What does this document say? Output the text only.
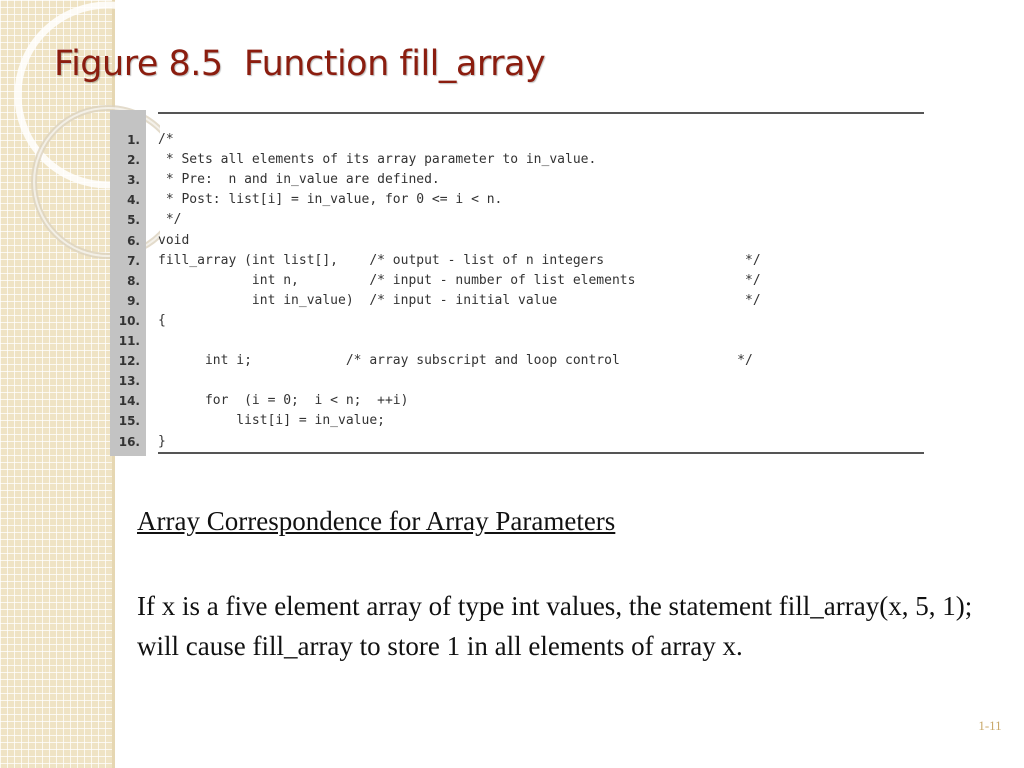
Figure 8.5  Function fill_array
1. /*
2. * Sets all elements of its array parameter to in_value.
3. * Pre:  n and in_value are defined.
4. * Post: list[i] = in_value, for 0 <= i < n.
5. */
6. void
7. fill_array (int list[],    /* output - list of n integers                  */
8. int n,         /* input - number of list elements              */
9. int in_value)  /* input - initial value                        */
10. {
11.
12. int i;            /* array subscript and loop control               */
13.
14. for  (i = 0;  i < n;  ++i)
15. list[i] = in_value;
16. }
Array Correspondence for Array Parameters
If x is a five element array of type int values, the statement fill_array(x, 5, 1); will cause fill_array to store 1 in all elements of array x.
1-11
